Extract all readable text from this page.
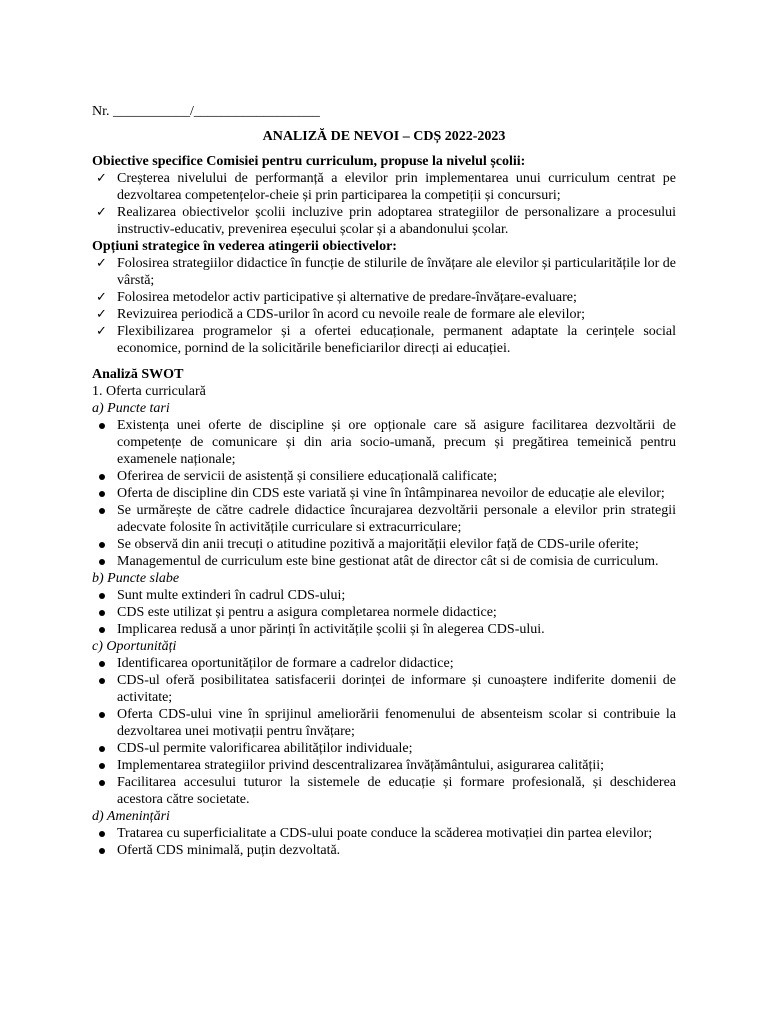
Nr. ___________/__________________

ANALIZĂ DE NEVOI – CDȘ 2022-2023

Obiective specifice Comisiei pentru curriculum, propuse la nivelul școlii:

✓ Creșterea nivelului de performanță a elevilor prin implementarea unui curriculum centrat pe dezvoltarea competențelor-cheie și prin participarea la competiții și concursuri;
✓ Realizarea obiectivelor școlii incluzive prin adoptarea strategiilor de personalizare a procesului instructiv-educativ, prevenirea eșecului școlar și a abandonului școlar.

Opțiuni strategice în vederea atingerii obiectivelor:

✓ Folosirea strategiilor didactice în funcție de stilurile de învățare ale elevilor și particularitățile lor de vârstă;
✓ Folosirea metodelor activ participative și alternative de predare-învățare-evaluare;
✓ Revizuirea periodică a CDS-urilor în acord cu nevoile reale de formare ale elevilor;
✓ Flexibilizarea programelor și a ofertei educaționale, permanent adaptate la cerințele social economice, pornind de la solicitările beneficiarilor direcți ai educației.

Analiză SWOT

1. Oferta curriculară

a) Puncte tari

Existența unei oferte de discipline și ore opționale care să asigure facilitarea dezvoltării de competențe de comunicare și din aria socio-umană, precum și pregătirea temeinică pentru examenele naționale;
Oferirea de servicii de asistență și consiliere educațională calificate;
Oferta de discipline din CDS este variată și vine în întâmpinarea nevoilor de educație ale elevilor;
Se urmărește de către cadrele didactice încurajarea dezvoltării personale a elevilor prin strategii adecvate folosite în activitățile curriculare si extracurriculare;
Se observă din anii trecuți o atitudine pozitivă a majorității elevilor față de CDS-urile oferite;
Managementul de curriculum este bine gestionat atât de director cât si de comisia de curriculum.

b) Puncte slabe

Sunt multe extinderi în cadrul CDS-ului;
CDS este utilizat și pentru a asigura completarea normele didactice;
Implicarea redusă a unor părinți în activitățile școlii și în alegerea CDS-ului.

c) Oportunități

Identificarea oportunităților de formare a cadrelor didactice;
CDS-ul oferă posibilitatea satisfacerii dorinței de informare și cunoaștere indiferite domenii de activitate;
Oferta CDS-ului vine în sprijinul ameliorării fenomenului de absenteism scolar si contribuie la dezvoltarea unei motivații pentru învățare;
CDS-ul permite valorificarea abilităților individuale;
Implementarea strategiilor privind descentralizarea învățământului, asigurarea calității;
Facilitarea accesului tuturor la sistemele de educație și formare profesională, și deschiderea acestora către societate.

d) Amenințări

Tratarea cu superficialitate a CDS-ului poate conduce la scăderea motivației din partea elevilor;
Ofertă CDS minimală, puțin dezvoltată.
